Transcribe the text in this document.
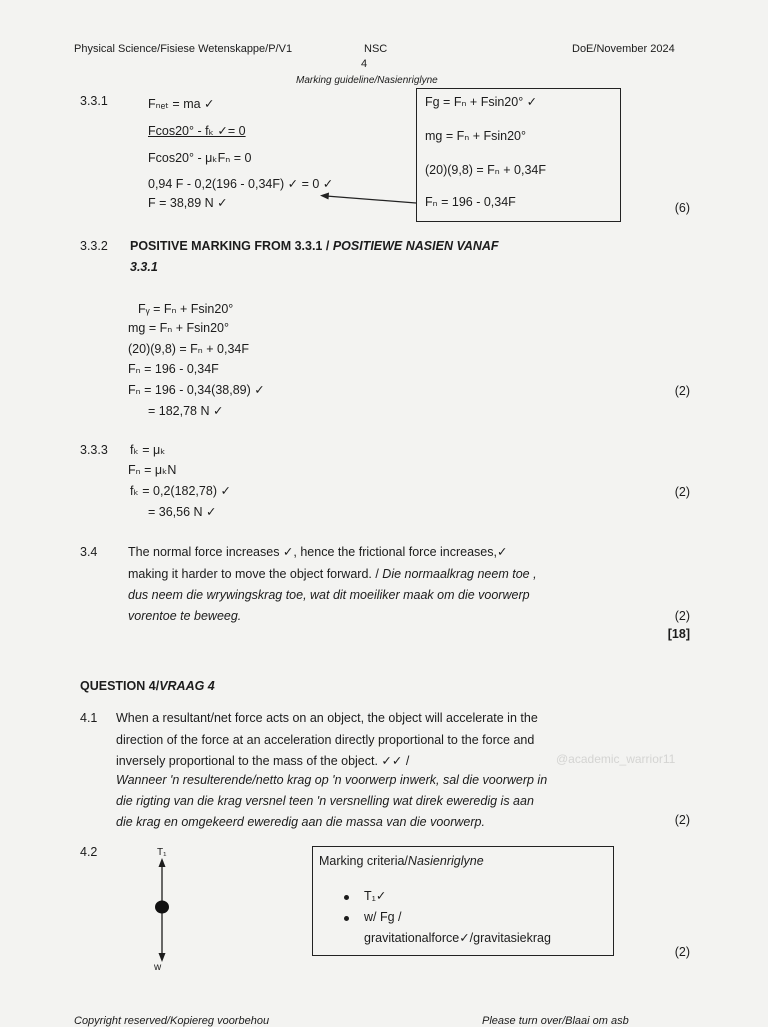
Physical Science/Fisiese Wetenskappe/P/V1	NSC
4
DoE/November 2024
Marking guideline/Nasienriglyne
3.3.1	Fₙₑₜ = ma ✓
Fcos20° - fₖ ✓= 0
Fcos20° - μₖFₙ = 0
0,94 F - 0,2(196 - 0,34F) ✓ = 0 ✓
F = 38,89 N ✓
Fg = Fₙ + Fsin20° ✓
mg = Fₙ + Fsin20°
(20)(9,8) = Fₙ + 0,34F
Fₙ = 196 - 0,34F	(6)
3.3.2 POSITIVE MARKING FROM 3.3.1 / POSITIEWE NASIEN VANAF
3.3.1
Fᵧ = Fₙ + Fsin20°
mg = Fₙ + Fsin20°
(20)(9,8) = Fₙ + 0,34F
Fₙ = 196 - 0,34F
Fₙ = 196 - 0,34(38,89) ✓
= 182,78 N ✓
(2)
3.3.3 fₖ = μₖ
Fₙ = μₖN
fₖ = 0,2(182,78) ✓
= 36,56 N ✓
(2)
3.4 The normal force increases ✓, hence the frictional force increases,✓
making it harder to move the object forward. / Die normaalkrag neem toe ,
dus neem die wrywingskrag toe, wat dit moeiliker maak om die voorwerp
vorentoe te beweeg.	(2)
[18]
QUESTION 4/VRAAG 4
4.1 When a resultant/net force acts on an object, the object will accelerate in the
direction of the force at an acceleration directly proportional to the force and
inversely proportional to the mass of the object. ✓✓ /
Wanneer 'n resulterende/netto krag op 'n voorwerp inwerk, sal die voorwerp in
die rigting van die krag versnel teen 'n versnelling wat direk eweredig is aan
die krag en omgekeerd eweredig aan die massa van die voorwerp.	(2)
@academic_warrior11
4.2	T₁
w
Marking criteria/Nasienriglyne
T₁✓
w/ Fg /
gravitationalforce✓/gravitasiekrag
(2)
Copyright reserved/Kopiereg voorbehou	Please turn over/Blaai om asb
